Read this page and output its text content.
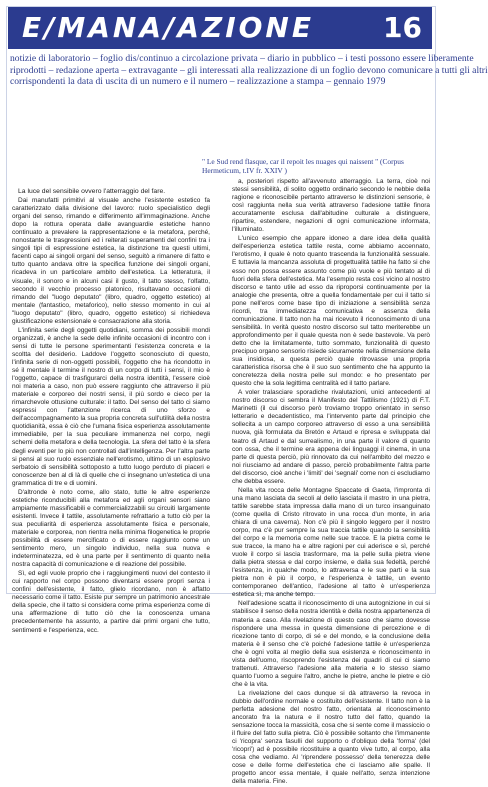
E/MANA/AZIONE 16
notizie di laboratorio – foglio dis/continuo a circolazione privata – diario in pubblico – i testi possono essere liberamente
riprodotti – redazione aperta – extravagante – gli interessati alla realizzazione di un foglio devono comunicare a tutti gli altri
corrispondenti la data di uscita di un numero e il numero – realizzazione a stampa – gennaio 1979
" Le Sud rend flasque, car il repoit les nuages qui naissent " (Corpus Hermeticum, t.IV fr. XXIV )

La luce del sensibile ovvero l'atterraggio del fare.

Dai manufatti primitivi al visuale anche l'esistente estetico fa caratterizzato dalla divisione del lavoro: ruolo specialistico degli organi del senso, rimando e differimento all'immaginazione. Anche dopo la rottura operata dalle avanguardie estetiche hanno continuato a prevalere la rappresentazione e la metafora, perché, nonostante le trasgressioni ed i reiterati superamenti del confini tra i singoli tipi di espressione estetica, la distinzione tra questi ultimi, facenti capo ai singoli organi del senso, seguitò a rimanere di fatto e tutto quanto andava oltre la specifica funzione dei singoli organi, ricadeva in un particolare ambito dell'estetica. La letteratura, il visuale, il sonoro e in alcuni casi il gusto, il tatto stesso, l'olfatto, secondo il vecchio processo platonico, risultavano occasioni di rimando del "luogo deputato" (libro, quadro, oggetto estetico) al mentale (fantastico, metaforico), nello stesso momento in cui al "luogo deputato" (libro, quadro, oggetto estetico) si richiedeva giustificazione estensionale e consacrazione alla storia.

L'infinita serie degli oggetti quotidiani, somma dei possibili mondi organizzati, è anche la sede delle infinite occasioni di incontro con i sensi di tutte le persone sperimentanti l'esistenza concreta e la scoltta del desiderio. Laddove l'oggetto sconosciuto di questo, l'infinita serie di non-oggetti possibili, l'oggetto che ha ricondotto in sé il mentale il termine il nostro di un corpo di tutti i sensi, il mio è l'oggetto, capace di trasfigurarci della nostra identità, l'essere cioè noi materia a caso, non può essere raggiunto che attraverso il più materiale e corporeo dei nostri sensi, il più sordo e cieco per la rimarchevole ottusione culturale: il tatto. Del senso del tatto ci siamo espressi con l'attenzione ricerca di uno sforzo e dell'accompagnamento la sua propria concreta sull'utilità della nostra quotidianità, essa è ciò che l'umana fisica esperienza assolutamente immediabile, per la sua peculiare immanenza nel corpo, negli schemi della metafora e della tecnologia. La sfera del tatto è la sfera degli eventi per lo più non controllati dall'intelligenza. Per l'altra parte si pensi al suo ruolo essenziale nell'erotismo, ultimo di un esplosivo serbatoio di sensibilità sottoposto a tutto luogo perduto di piaceri e conoscenze ben al di là di quelle che ci insegnano un'estetica di una grammatica di tre e di uomini.

D'altronde è noto come, allo stato, tutte le altre esperienze estetiche riconducibili alla metafora ed agli organi sensori siano ampiamente massificabili e commercializzabili su circuiti largamente esistenti. Invece il tattile, assolutamente refrattario a tutto ciò per la sua peculiarità di esperienza assolutamente fisica e personale, materiale e corporea, non rientra nella minima filogenetica le proprie possibilità di essere mercificato o di essere raggiunto come un sentimento mero, un singolo individuo, nella sua nuova e indeterminatezza, ed è una parte per il sentimento di quanto nella nostra capacità di comunicazione e di reazione del possibile.

Sì, ed egli vuole proprio che i raggiungimenti nuovi del contesto il cui rapporto nel corpo possono diventarsi essere propri senza i confini dell'esistente, il fatto, glielo ricordano, non è affatto necessario come il tatto. Esiste pur sempre un patrimonio ancestrale della specie, che il tatto si considera come prima esperienza come di una affermazione di tutto ciò che la conoscenza umana precedentemente ha assunto, a partire dai primi organi che tutto, sentimenti e l'esperienza, ecc.

a, posteriori rispetto all'avvenuto atterraggio. La terra, cioè noi stessi sensibilità, di solito oggetto ordinario secondo le nebbie della ragione e riconoscibile pertanto attraverso le distinzioni sensorie, è così raggiunta nella sua verità attraverso l'adesione tattile finora accuratamente esclusa dall'abitudine culturale a distinguere, ripartire, estendere, negazioni di ogni comunicazione informata, l'illuminato.

L'unico esempio che appare idoneo a dare idea della qualità dell'esperienza estetica tattile resta, come abbiamo accennato, l'erotismo, il quale è noto quanto trascenda la funzionalità sessuale. E tuttavia la mancanza assoluta di progettualità tattile ha fatto si che esso non possa essere assunto come più vuole e più tentato al di fuori della sfera dell'estetica. Ma l'esempio resta così vicino al nostro discorso e tanto utile ad esso da riproporsi continuamente per la analogie che presenta, oltre a quella fondamentale per cui il tatto si pone nell'eros come base tipo di iniziazione a sensibilità senza ricordi, tra immediatezza comunicativa e assenza della comunicazione. Il tatto non ha mai ricevuto il riconoscimento di una sensibilità. In verità questo nostro discorso sul tatto meriterebbe un approfondimento per il quale questa non è sede bastevole. Va però detto che la limitatamente, tutto sommato, funzionalità di questo precipuo organo sensorio risiede sicuramente nella dimensione della sua insidiosa, a questa perciò quale ritrovasse una propria caratteristica risorsa che è il suo suo sentimento che ha appunto la concretezza della nostra pelle sul mondo: e ho presentato per questo che la sola legittima centralità ed il tatto parlare.

A voler tralasciare sporadiche rivalutazioni, unici antecedenti al nostro discorso ci sembra il Manifesto del Tattilismo (1921) di F.T. Marinetti (il cui discorso però troviamo troppo orientato in senso letterario e decadentistico, ma l'intervento parte dal principio che sollecita a un campo corporeo attraverso di esso a una sensibilità nuova, già formulata da Bretón e Artaud e ripresa e sviluppata dal teatro di Artaud e dal surrealismo, in una parte il valore di quanto con ossa, che il termine era appena dei linguaggi il cinema, in una parte di questa perciò, più rinnovato da cui nell'ambito del mezzo e noi riusciamo ad andare di passo, perciò probabilmente l'altra parte del discorso, cioè anche i 'limiti' dei 'segnali' come non ci escludiamo che debba essere.

Nella vita rocca delle Montagne Spaccate di Gaeta, l'impronta di una mano lasciata da secoli al dello lasciata il mastro in una pietra, tattile sarebbe stata impressa dalla mano di un turco insanguinato (come quella di Cristo ritrovato in una rocca d'un monte, in aria chiara di una caverna). Non c'è più il singolo leggero per il nostro corpo, ma c'è pur sempre la sua traccia tattile quando la sensibilità del corpo e la memoria come nelle sue tracce. E la pietra come le sue tracce, la mano ha e altre ragioni per cui aderisce e sì, perché vuole il corpo si lascia trasformare, ma la pelle sulla pietra viene dalla pietra stessa e dal corpo insieme, e dalla sua fedeltà, perché l'esistenza, in qualche modo, lo attraversa e le sue parti e la sua pietra non è più il corpo, e l'esperienza è tattile, un evento contemporaneo dell'antico, l'adesione al tatto è un'esperienza estetica sì, ma anche tempo.

Nell'adesione scatta il riconoscimento di una autognizione in cui si stabilisce il senso della nostra identità e della nostra appartenenza di materia a caso. Alla rivelazione di questo caso che siamo dovesse rispondere una messa in questa dimensione di percezione e di ricezione tanto di corpo, di sé e del mondo, e la conclusione della materia è il senso che c'è poiché l'adesione tattile è un'esperienza che è ogni volta al meglio della sua esistenza e riconoscimento in vista dell'uomo, riscoprendo l'esistenza dei quadri di cui ci siamo trattenuti. Attraverso l'adesione alla materia e lo stesso siamo quanto l'uomo a seguire l'altro, anche le pietre, anche le pietre e ciò che è la vita.

La rivelazione del caos dunque si dà attraverso la revoca in dubbio dell'ordine normale e costituito dell'esistente. Il tatto non è la perfetta adesione del nostro fatto, orientata al riconoscimento ancorato fra la natura e il nostro tutto del fatto, quando la sensazione tocca la massicità, cosa che si sente come il massiccio o il fluire del fatto sulla pietra. Ciò è possibile soltanto che l'immanente ci 'ricopra' senza fasulli del supporto o d'obliquo della 'forma' (del 'ricopri') ad è possibile ricostituire a quanto vive tutto, al corpo, alla cosa che vediamo. Al 'riprendere possesso' della tenerezza delle cose e delle forme dell'estetica che ci lasciamo alle spalle. Il progetto ancor essa mentale, il quale nell'atto, senza intenzione della materia. Fine.
